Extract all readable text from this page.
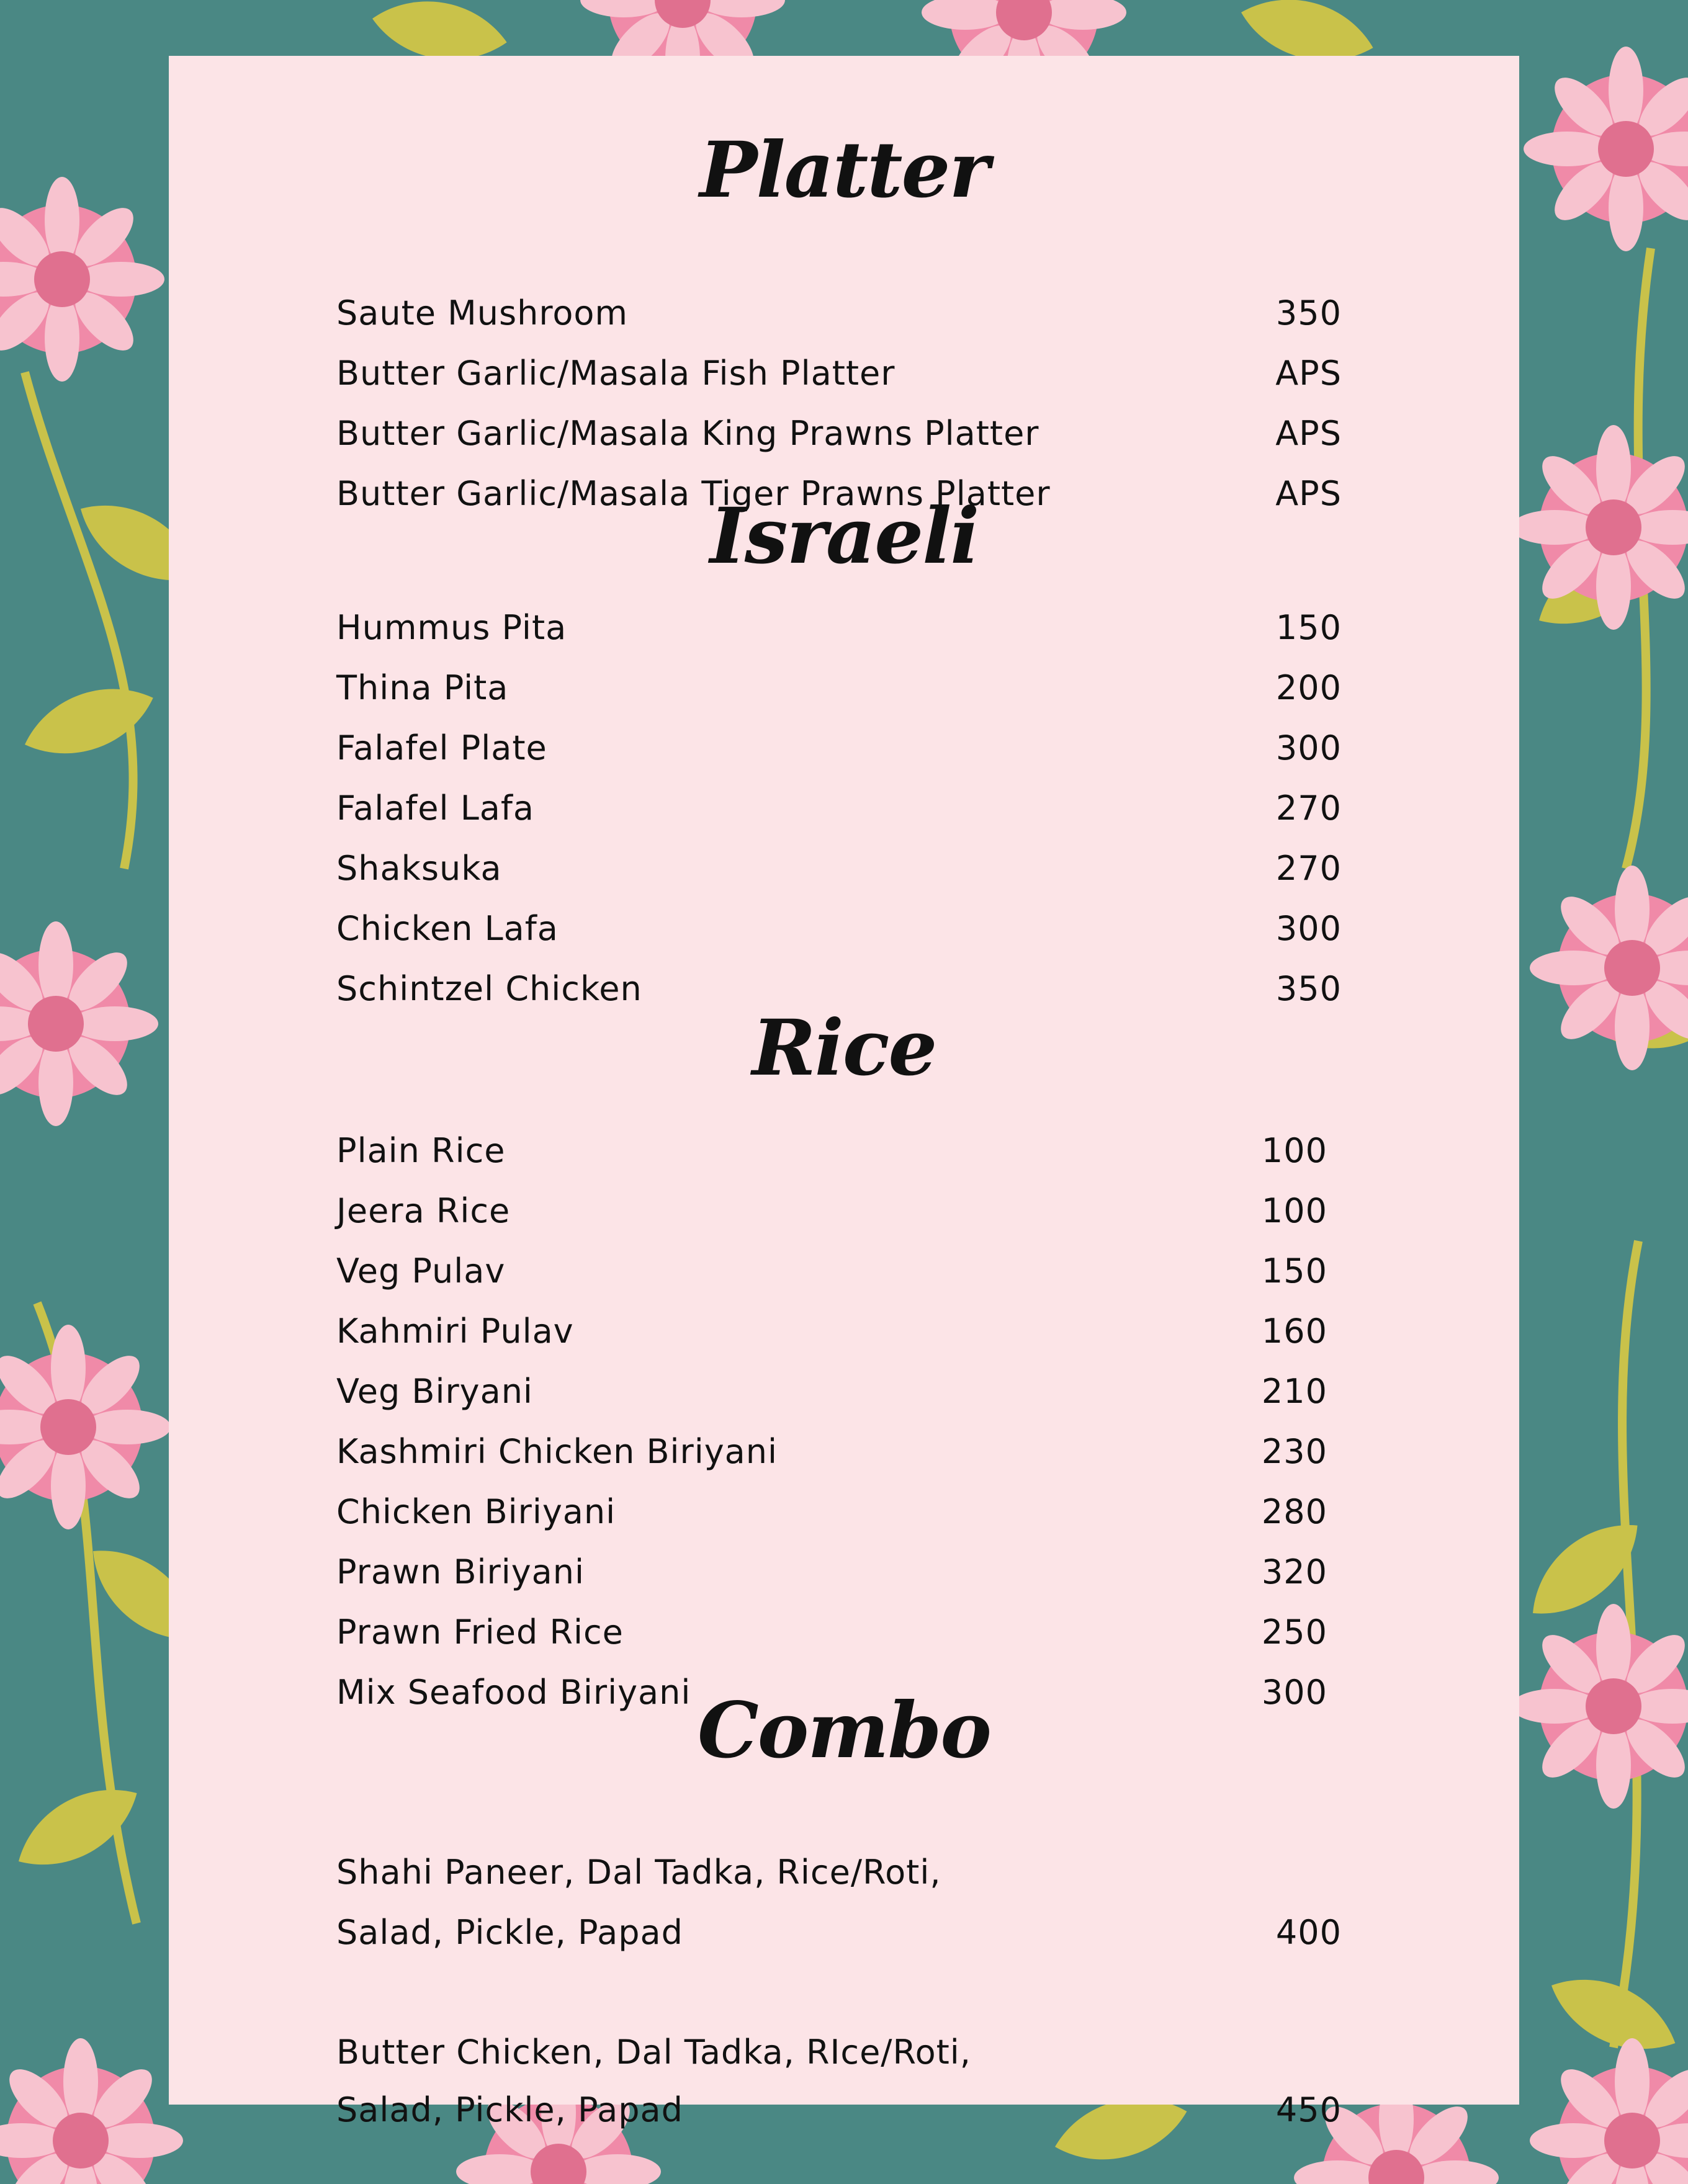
Platter
Saute Mushroom	350
Butter Garlic/Masala Fish Platter	APS
Butter Garlic/Masala King Prawns Platter	APS
Butter Garlic/Masala Tiger Prawns Platter	APS
Israeli
Hummus Pita	150
Thina Pita	200
Falafel Plate	300
Falafel Lafa	270
Shaksuka	270
Chicken Lafa	300
Schintzel Chicken	350
Rice
Plain Rice	100
Jeera Rice	100
Veg Pulav	150
Kahmiri Pulav	160
Veg Biryani	210
Kashmiri Chicken Biriyani	230
Chicken Biriyani	280
Prawn Biriyani	320
Prawn Fried Rice	250
Mix Seafood Biriyani	300
Combo
Shahi Paneer, Dal Tadka, Rice/Roti,
Salad, Pickle, Papad	400
Butter Chicken, Dal Tadka, RIce/Roti,
Salad, Pickle, Papad	450
